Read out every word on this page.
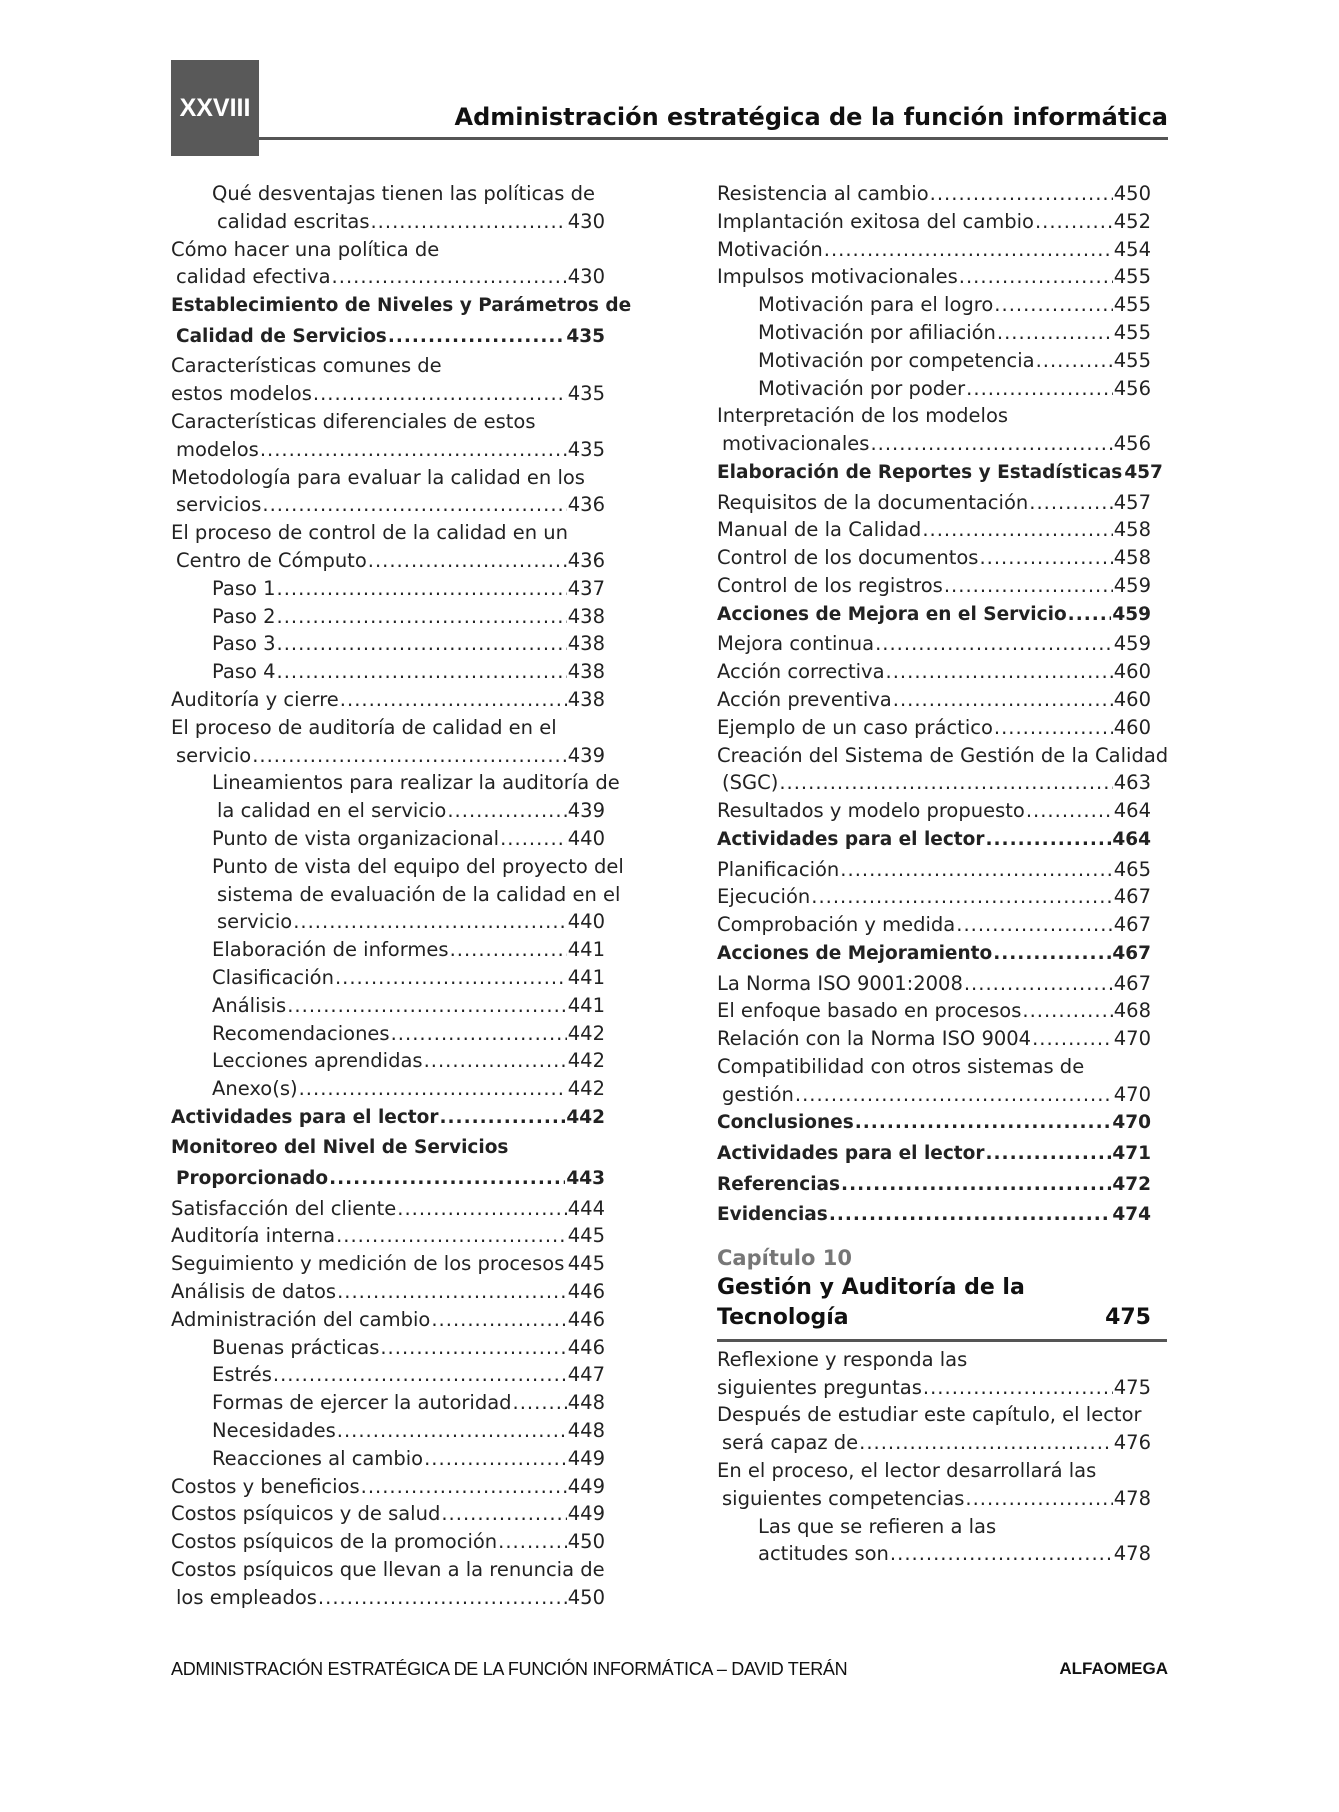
XXVIII	Administración estratégica de la función informática
Qué desventajas tienen las políticas de
calidad escritas .....	430
Cómo hacer una política de
calidad efectiva .....	430
Establecimiento de Niveles y Parámetros de
Calidad de Servicios .....	435
Características comunes de
estos modelos .....	435
Características diferenciales de estos
modelos .....	435
Metodología para evaluar la calidad en los
servicios .....	436
El proceso de control de la calidad en un
Centro de Cómputo .....	436
Paso 1 .....	437
Paso 2 .....	438
Paso 3 .....	438
Paso 4 .....	438
Auditoría y cierre .....	438
El proceso de auditoría de calidad en el
servicio .....	439
Lineamientos para realizar la auditoría de
la calidad en el servicio .....	439
Punto de vista organizacional .....	440
Punto de vista del equipo del proyecto del
sistema de evaluación de la calidad en el
servicio .....	440
Elaboración de informes .....	441
Clasificación .....	441
Análisis .....	441
Recomendaciones .....	442
Lecciones aprendidas .....	442
Anexo(s) .....	442
Actividades para el lector .....	442
Monitoreo del Nivel de Servicios
Proporcionado .....	443
Satisfacción del cliente .....	444
Auditoría interna .....	445
Seguimiento y medición de los procesos ..... 445
Análisis de datos .....	446
Administración del cambio .....	446
Buenas prácticas .....	446
Estrés .....	447
Formas de ejercer la autoridad .....	448
Necesidades .....	448
Reacciones al cambio .....	449
Costos y beneficios .....	449
Costos psíquicos y de salud .....	449
Costos psíquicos de la promoción .....	450
Costos psíquicos que llevan a la renuncia de
los empleados .....	450
Resistencia al cambio .....	450
Implantación exitosa del cambio .....	452
Motivación .....	454
Impulsos motivacionales .....	455
Motivación para el logro .....	455
Motivación por afiliación .....	455
Motivación por competencia .....	455
Motivación por poder .....	456
Interpretación de los modelos
motivacionales .....	456
Elaboración de Reportes y Estadísticas 457
Requisitos de la documentación .....	457
Manual de la Calidad .....	458
Control de los documentos .....	458
Control de los registros .....	459
Acciones de Mejora en el Servicio ..... 459
Mejora continua .....	459
Acción correctiva .....	460
Acción preventiva .....	460
Ejemplo de un caso práctico .....	460
Creación del Sistema de Gestión de la Calidad
(SGC) .....	463
Resultados y modelo propuesto .....	464
Actividades para el lector .....	464
Planificación .....	465
Ejecución .....	467
Comprobación y medida .....	467
Acciones de Mejoramiento .....	467
La Norma ISO 9001:2008 .....	467
El enfoque basado en procesos .....	468
Relación con la Norma ISO 9004 .....	470
Compatibilidad con otros sistemas de
gestión .....	470
Conclusiones .....	470
Actividades para el lector .....	471
Referencias .....	472
Evidencias .....	474
Capítulo 10
Gestión y Auditoría de la
Tecnología	475
Reflexione y responda las
siguientes preguntas .....	475
Después de estudiar este capítulo, el lector
será capaz de .....	476
En el proceso, el lector desarrollará las
siguientes competencias .....	478
Las que se refieren a las
actitudes son .....	478
ADMINISTRACIÓN ESTRATÉGICA DE LA FUNCIÓN INFORMÁTICA – DAVID TERÁN	ALFAOMEGA
